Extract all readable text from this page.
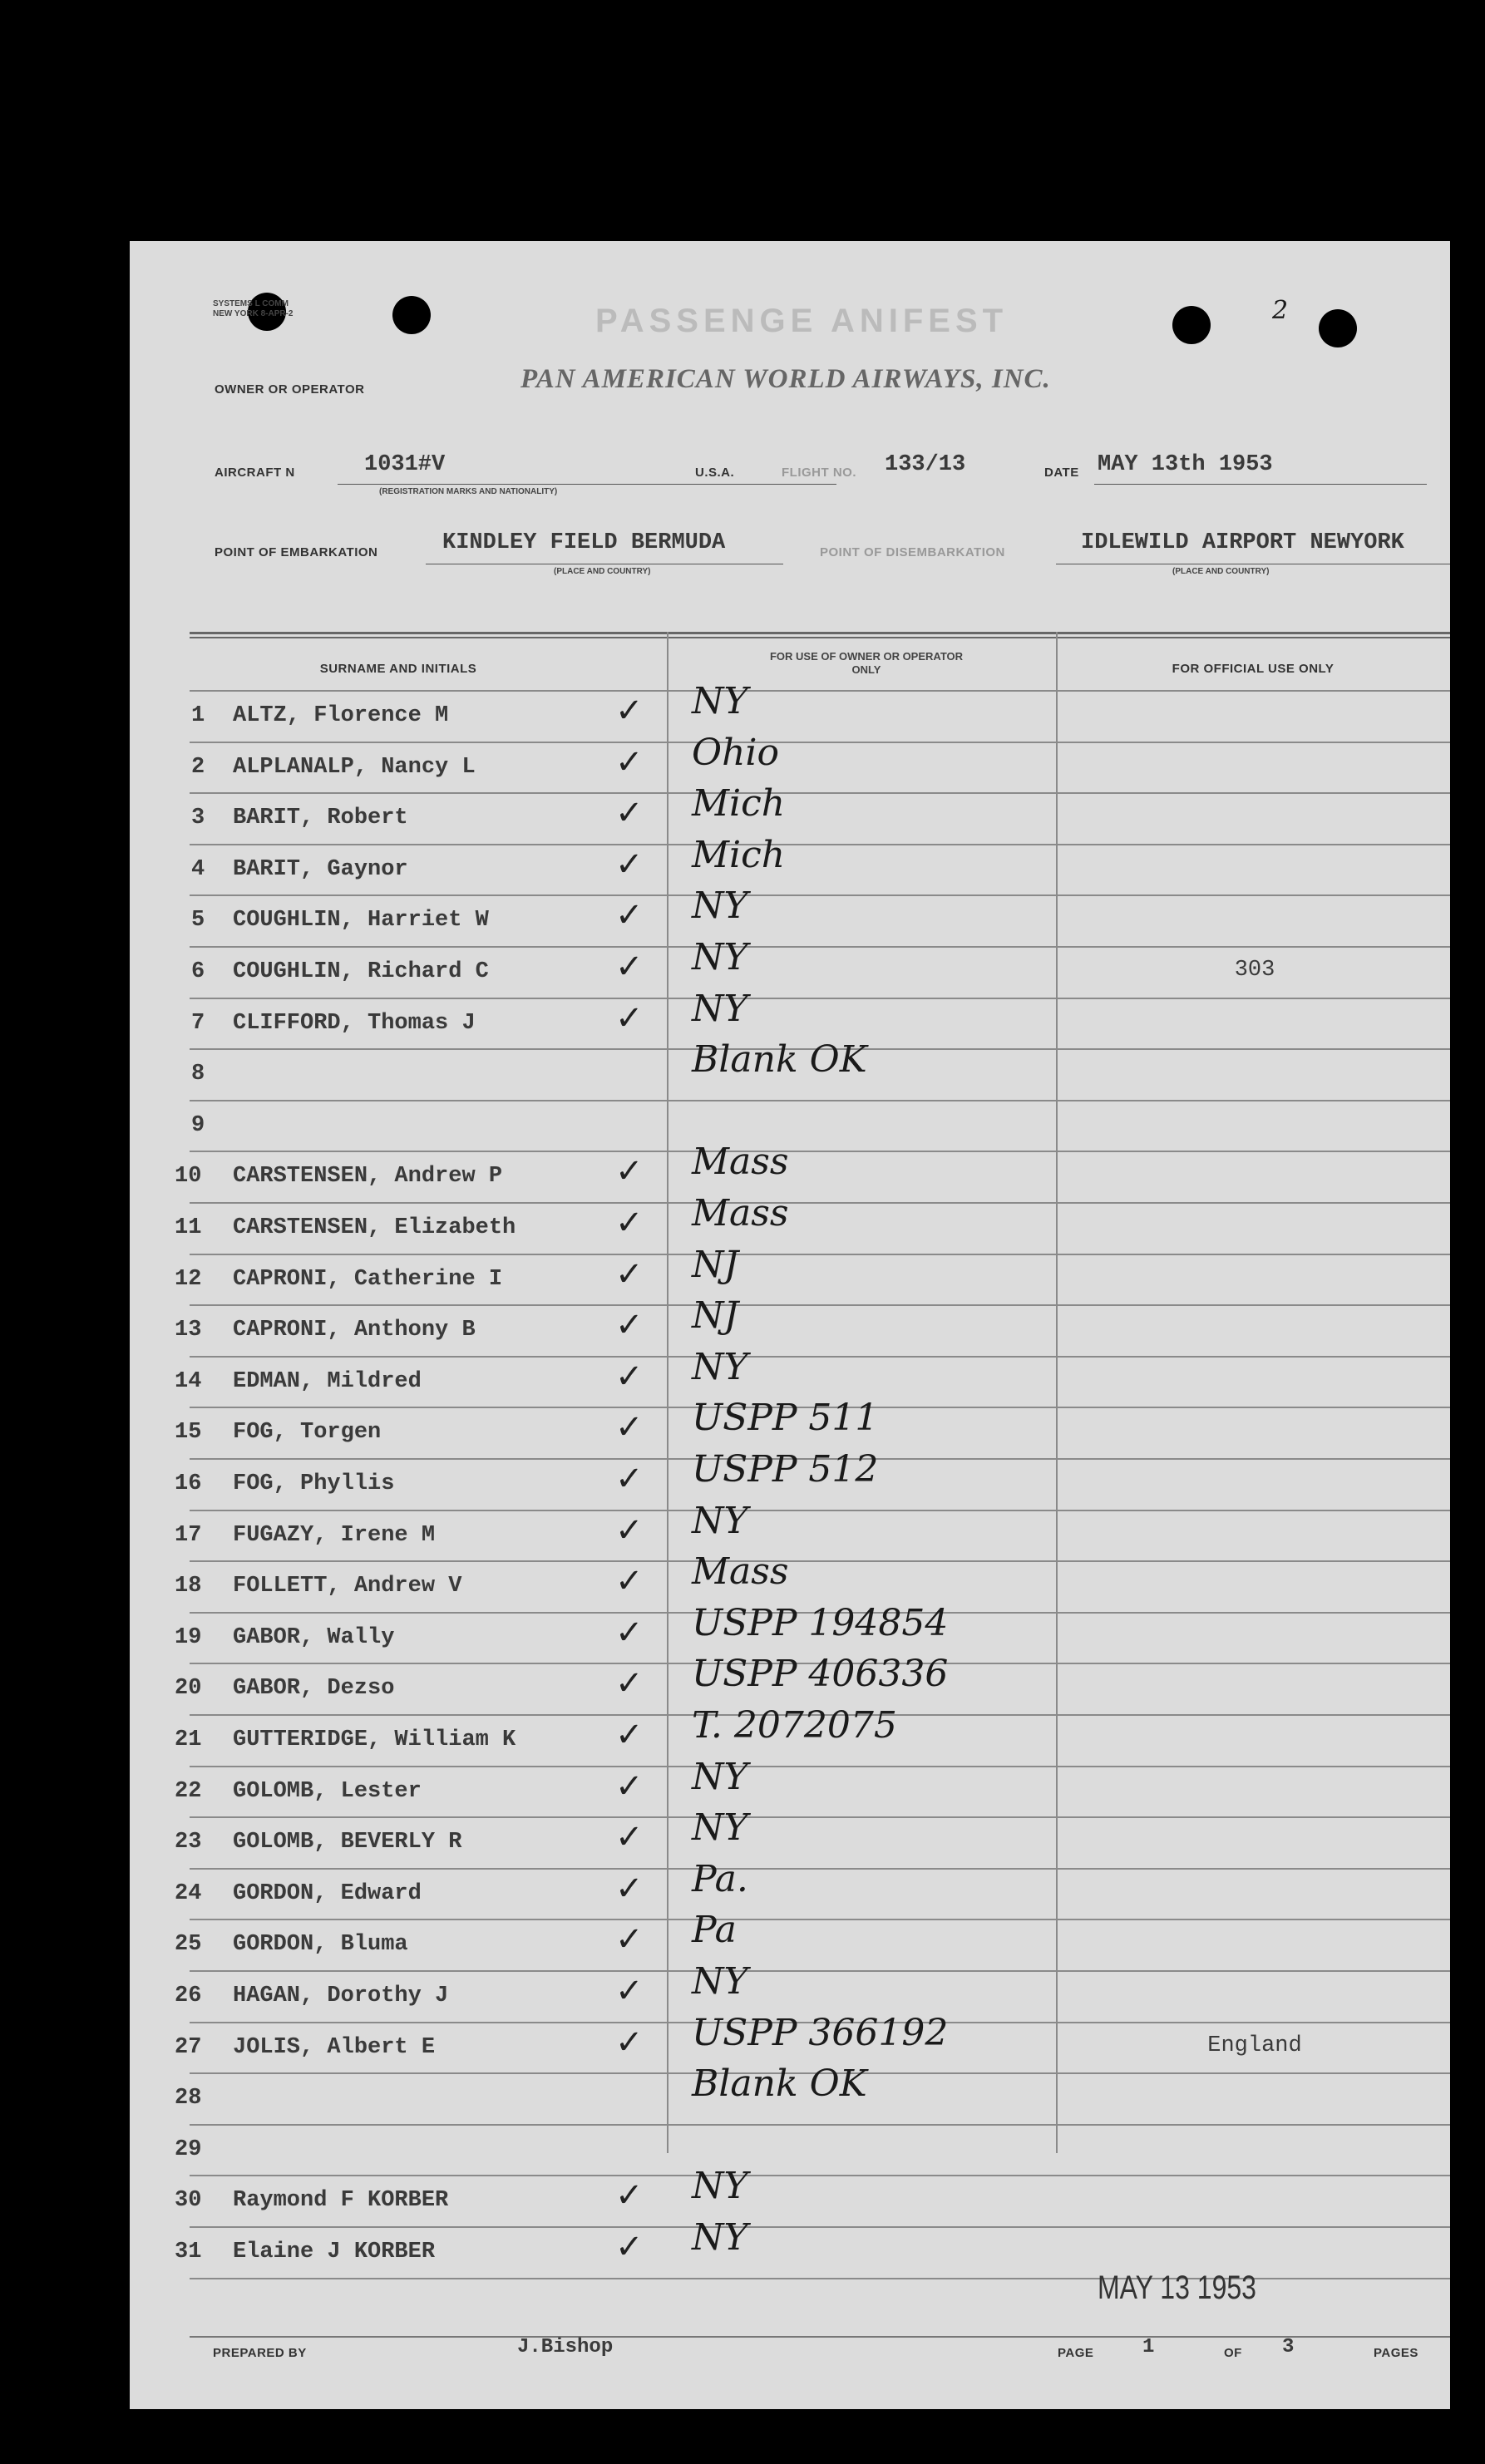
SYSTEMS L COMM
NEW YORK 8-APR-2	PASSENGE ANIFEST	2
OWNER OR OPERATOR	PAN AMERICAN WORLD AIRWAYS, INC.
AIRCRAFT N	1031#V
(REGISTRATION MARKS AND NATIONALITY)
U.S.A.	FLIGHT NO. 133/13	DATE MAY 13th 1953
POINT OF EMBARKATION	KINDLEY FIELD BERMUDA
(PLACE AND COUNTRY)
POINT OF DISEMBARKATION	IDLEWILD AIRPORT NEWYORK
(PLACE AND COUNTRY)
SURNAME AND INITIALS
FOR USE OF OWNER OR OPERATOR ONLY	FOR OFFICIAL USE ONLY
1 ALTZ, Florence M	✓ NY
2 ALPLANALP, Nancy L	✓ Ohio
3 BARIT, Robert	✓ Mich
4 BARIT, Gaynor	✓ Mich
5 COUGHLIN, Harriet W	✓ NY
6 COUGHLIN, Richard C	✓ NY	303
7 CLIFFORD, Thomas J	✓ NY
8	Blank OK
9
10 CARSTENSEN, Andrew P	✓ Mass
11 CARSTENSEN, Elizabeth	✓ Mass
12 CAPRONI, Catherine I	✓ NJ
13 CAPRONI, Anthony B	✓ NJ
14 EDMAN, Mildred	✓ NY
15 FOG, Torgen	✓ USPP 511
16 FOG, Phyllis	✓ USPP 512
17 FUGAZY, Irene M	✓ NY
18 FOLLETT, Andrew V	✓ Mass
19 GABOR, Wally	✓ USPP 194854
20 GABOR, Dezso	✓ USPP 406336
21 GUTTERIDGE, William K	✓ T. 2072075
22 GOLOMB, Lester	✓ NY
23 GOLOMB, BEVERLY R	✓ NY
24 GORDON, Edward	✓ Pa.
25 GORDON, Bluma	✓ Pa
26 HAGAN, Dorothy J	✓ NY
27 JOLIS, Albert E	✓ USPP 366192	England
28	Blank OK
29
30 Raymond F KORBER	✓ NY
31 Elaine J KORBER	✓ NY
MAY 13 1953
PREPARED BY	J.Bishop	PAGE 1	OF 3	PAGES
